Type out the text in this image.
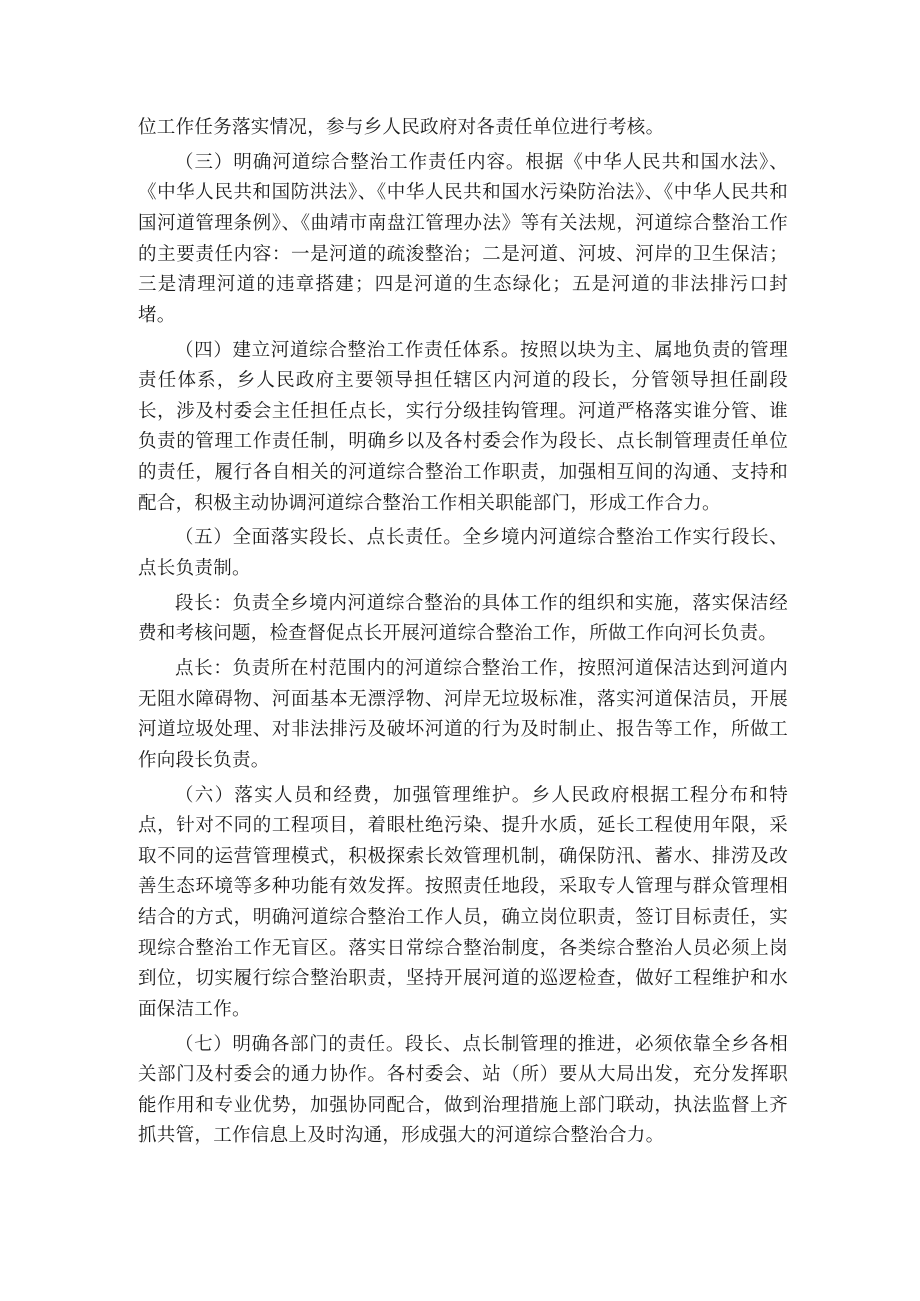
位工作任务落实情况，参与乡人民政府对各责任单位进行考核。

（三）明确河道综合整治工作责任内容。根据《中华人民共和国水法》、《中华人民共和国防洪法》、《中华人民共和国水污染防治法》、《中华人民共和国河道管理条例》、《曲靖市南盘江管理办法》等有关法规，河道综合整治工作的主要责任内容：一是河道的疏浚整治；二是河道、河坡、河岸的卫生保洁；三是清理河道的违章搭建；四是河道的生态绿化；五是河道的非法排污口封堵。

（四）建立河道综合整治工作责任体系。按照以块为主、属地负责的管理责任体系，乡人民政府主要领导担任辖区内河道的段长，分管领导担任副段长，涉及村委会主任担任点长，实行分级挂钩管理。河道严格落实谁分管、谁负责的管理工作责任制，明确乡以及各村委会作为段长、点长制管理责任单位的责任，履行各自相关的河道综合整治工作职责，加强相互间的沟通、支持和配合，积极主动协调河道综合整治工作相关职能部门，形成工作合力。

（五）全面落实段长、点长责任。全乡境内河道综合整治工作实行段长、点长负责制。

段长：负责全乡境内河道综合整治的具体工作的组织和实施，落实保洁经费和考核问题，检查督促点长开展河道综合整治工作，所做工作向河长负责。

点长：负责所在村范围内的河道综合整治工作，按照河道保洁达到河道内无阻水障碍物、河面基本无漂浮物、河岸无垃圾标准，落实河道保洁员，开展河道垃圾处理、对非法排污及破坏河道的行为及时制止、报告等工作，所做工作向段长负责。

（六）落实人员和经费，加强管理维护。乡人民政府根据工程分布和特点，针对不同的工程项目，着眼杜绝污染、提升水质，延长工程使用年限，采取不同的运营管理模式，积极探索长效管理机制，确保防汛、蓄水、排涝及改善生态环境等多种功能有效发挥。按照责任地段，采取专人管理与群众管理相结合的方式，明确河道综合整治工作人员，确立岗位职责，签订目标责任，实现综合整治工作无盲区。落实日常综合整治制度，各类综合整治人员必须上岗到位，切实履行综合整治职责，坚持开展河道的巡逻检查，做好工程维护和水面保洁工作。

（七）明确各部门的责任。段长、点长制管理的推进，必须依靠全乡各相关部门及村委会的通力协作。各村委会、站（所）要从大局出发，充分发挥职能作用和专业优势，加强协同配合，做到治理措施上部门联动，执法监督上齐抓共管，工作信息上及时沟通，形成强大的河道综合整治合力。
